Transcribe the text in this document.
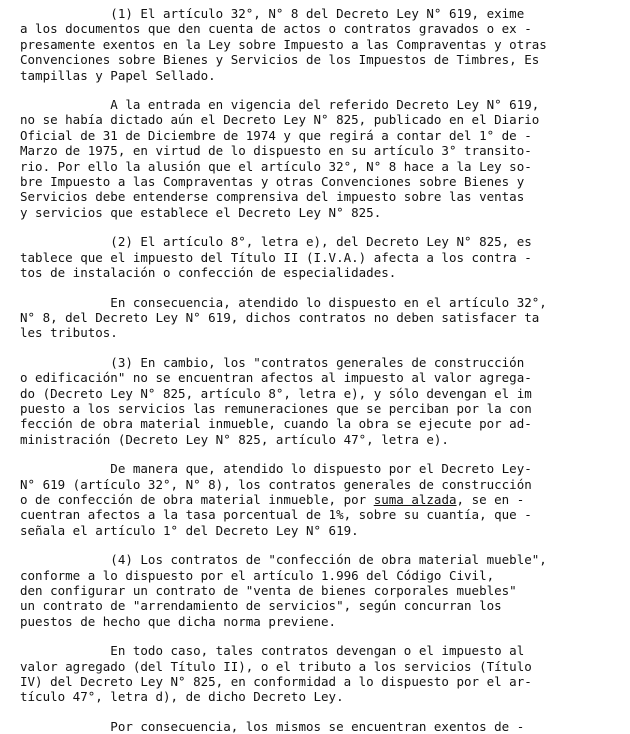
(1) El artículo 32°, N° 8 del Decreto Ley N° 619, exime
a los documentos que den cuenta de actos o contratos gravados o ex -
presamente exentos en la Ley sobre Impuesto a las Compraventas y otras
Convenciones sobre Bienes y Servicios de los Impuestos de Timbres, Es
tampillas y Papel Sellado.
A la entrada en vigencia del referido Decreto Ley N° 619,
no se había dictado aún el Decreto Ley N° 825, publicado en el Diario
Oficial de 31 de Diciembre de 1974 y que regirá a contar del 1° de -
Marzo de 1975, en virtud de lo dispuesto en su artículo 3° transito-
rio. Por ello la alusión que el artículo 32°, N° 8 hace a la Ley so-
bre Impuesto a las Compraventas y otras Convenciones sobre Bienes y
Servicios debe entenderse comprensiva del impuesto sobre las ventas
y servicios que establece el Decreto Ley N° 825.
(2) El artículo 8°, letra e), del Decreto Ley N° 825, es
tablece que el impuesto del Título II (I.V.A.) afecta a los contra -
tos de instalación o confección de especialidades.
En consecuencia, atendido lo dispuesto en el artículo 32°,
N° 8, del Decreto Ley N° 619, dichos contratos no deben satisfacer ta
les tributos.
(3) En cambio, los "contratos generales de construcción
o edificación" no se encuentran afectos al impuesto al valor agrega-
do (Decreto Ley N° 825, artículo 8°, letra e), y sólo devengan el im
puesto a los servicios las remuneraciones que se perciban por la con
fección de obra material inmueble, cuando la obra se ejecute por ad-
ministración (Decreto Ley N° 825, artículo 47°, letra e).
De manera que, atendido lo dispuesto por el Decreto Ley-
N° 619 (artículo 32°, N° 8), los contratos generales de construcción
o de confección de obra material inmueble, por suma alzada, se en -
cuentran afectos a la tasa porcentual de 1%, sobre su cuantía, que -
señala el artículo 1° del Decreto Ley N° 619.
(4) Los contratos de "confección de obra material mueble",
conforme a lo dispuesto por el artículo 1.996 del Código Civil,
den configurar un contrato de "venta de bienes corporales muebles"
un contrato de "arrendamiento de servicios", según concurran los
puestos de hecho que dicha norma previene.
En todo caso, tales contratos devengan o el impuesto al
valor agregado (del Título II), o el tributo a los servicios (Título
IV) del Decreto Ley N° 825, en conformidad a lo dispuesto por el ar-
tículo 47°, letra d), de dicho Decreto Ley.
Por consecuencia, los mismos se encuentran exentos de -
